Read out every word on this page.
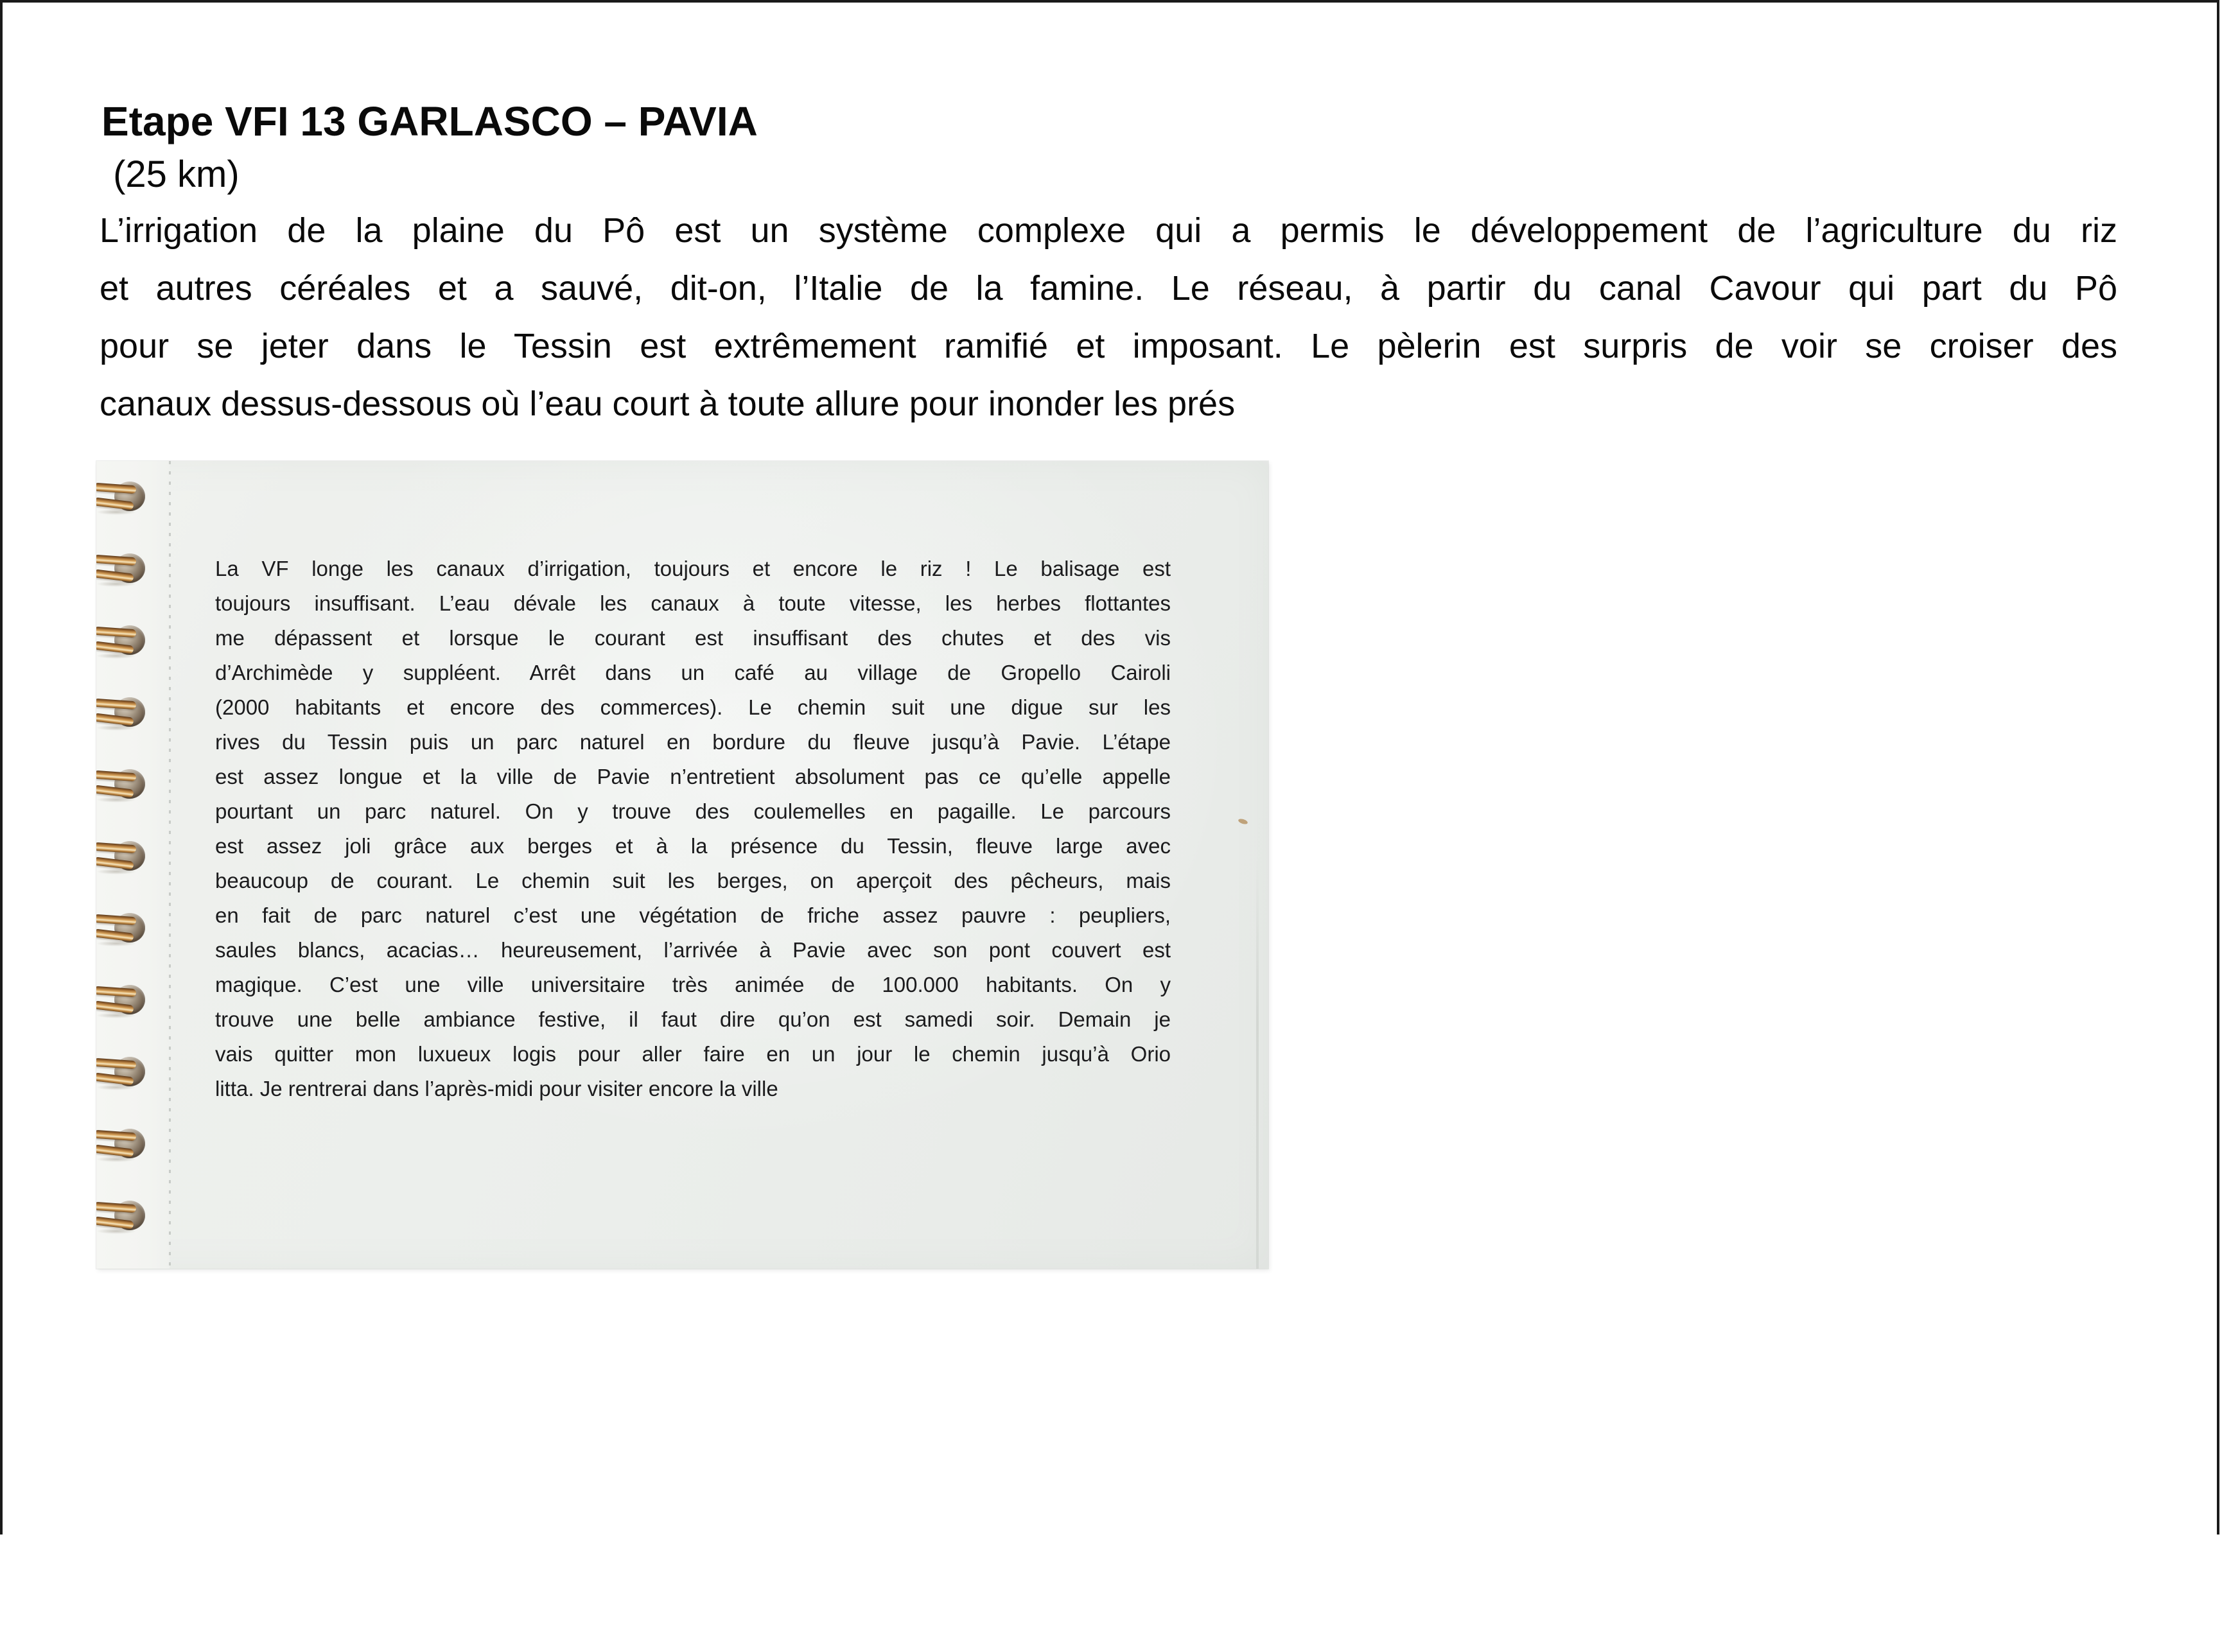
Etape VFI 13 GARLASCO – PAVIA
(25 km)
L’irrigation de la plaine du Pô est un système complexe qui a permis le développement de l’agriculture du riz
et autres céréales et a sauvé, dit-on, l’Italie de la famine. Le réseau, à partir du canal Cavour qui part du Pô
pour se jeter dans le Tessin est extrêmement ramifié et imposant. Le pèlerin est surpris de voir se croiser des
canaux dessus-dessous où l’eau court à toute allure pour inonder les prés
La VF longe les canaux d’irrigation, toujours et encore le riz ! Le balisage est
toujours insuffisant. L’eau dévale les canaux à toute vitesse, les herbes flottantes
me dépassent et lorsque le courant est insuffisant des chutes et des vis
d’Archimède y suppléent. Arrêt dans un café au village de Gropello Cairoli
(2000 habitants et encore des commerces). Le chemin suit une digue sur les
rives du Tessin puis un parc naturel en bordure du fleuve jusqu’à Pavie. L’étape
est assez longue et la ville de Pavie n’entretient absolument pas ce qu’elle appelle
pourtant un parc naturel. On y trouve des coulemelles en pagaille. Le parcours
est assez joli grâce aux berges et à la présence du Tessin, fleuve large avec
beaucoup de courant. Le chemin suit les berges, on aperçoit des pêcheurs, mais
en fait de parc naturel c’est une végétation de friche assez pauvre : peupliers,
saules blancs, acacias… heureusement, l’arrivée à Pavie avec son pont couvert est
magique. C’est une ville universitaire très animée de 100.000 habitants. On y
trouve une belle ambiance festive, il faut dire qu’on est samedi soir. Demain je
vais quitter mon luxueux logis pour aller faire en un jour le chemin jusqu’à Orio
litta. Je rentrerai dans l’après-midi pour visiter encore la ville
